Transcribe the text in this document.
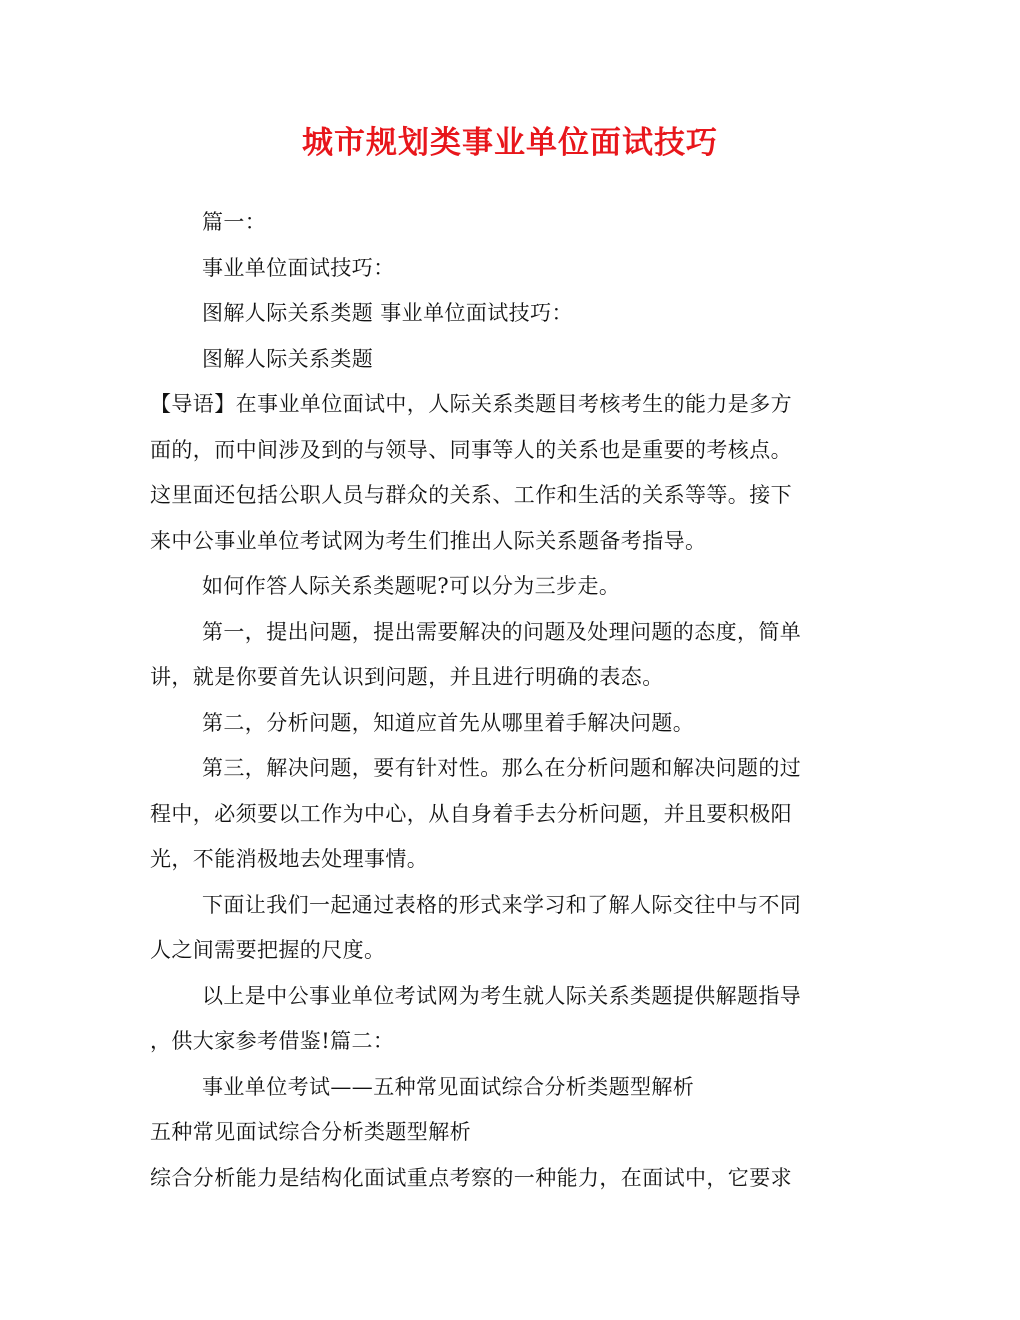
城市规划类事业单位面试技巧

篇一：

事业单位面试技巧：

图解人际关系类题 事业单位面试技巧：

图解人际关系类题

【导语】在事业单位面试中，人际关系类题目考核考生的能力是多方

面的，而中间涉及到的与领导、同事等人的关系也是重要的考核点。

这里面还包括公职人员与群众的关系、工作和生活的关系等等。接下

来中公事业单位考试网为考生们推出人际关系题备考指导。

如何作答人际关系类题呢?可以分为三步走。

第一，提出问题，提出需要解决的问题及处理问题的态度，简单

讲，就是你要首先认识到问题，并且进行明确的表态。

第二，分析问题，知道应首先从哪里着手解决问题。

第三，解决问题，要有针对性。那么在分析问题和解决问题的过

程中，必须要以工作为中心，从自身着手去分析问题，并且要积极阳

光，不能消极地去处理事情。

下面让我们一起通过表格的形式来学习和了解人际交往中与不同

人之间需要把握的尺度。

以上是中公事业单位考试网为考生就人际关系类题提供解题指导

，供大家参考借鉴!篇二：

事业单位考试——五种常见面试综合分析类题型解析

五种常见面试综合分析类题型解析

综合分析能力是结构化面试重点考察的一种能力，在面试中，它要求
